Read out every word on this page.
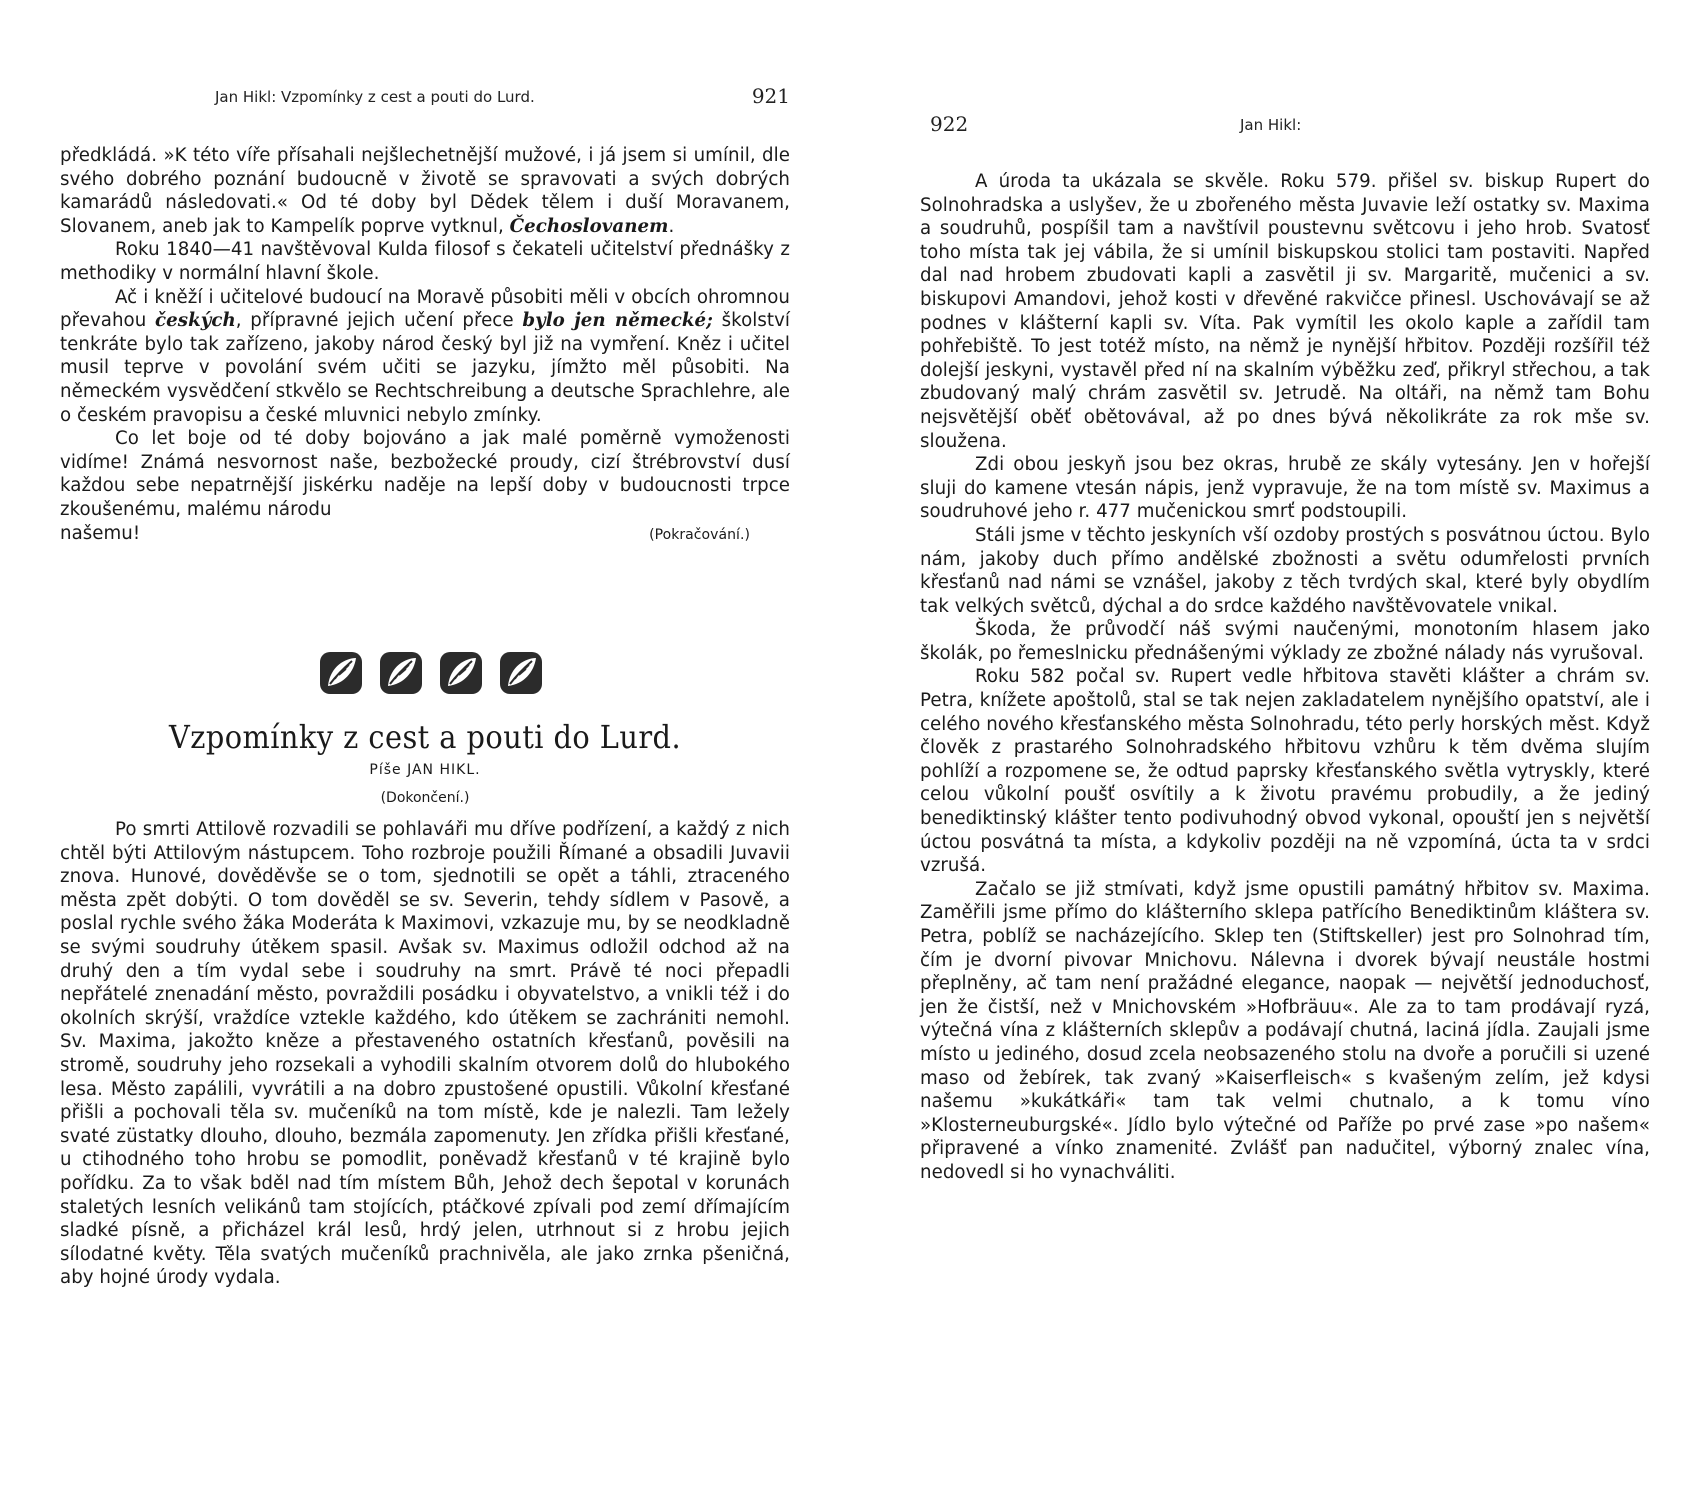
Jan Hikl: Vzpomínky z cest a pouti do Lurd.	921

předkládá. »K této víře přísahali nejšlechetnější mužové, i já jsem si umínil, dle svého dobrého poznání budoucně v životě se spravovati a svých dobrých kamarádů následovati.« Od té doby byl Dědek tělem i duší Moravanem, Slovanem, aneb jak to Kampelík poprve vytknul, Čechoslovanem.

Roku 1840—41 navštěvoval Kulda filosof s čekateli učitelství přednášky z methodiky v normální hlavní škole.

Ač i kněží i učitelové budoucí na Moravě působiti měli v obcích ohromnou převahou českých, přípravné jejich učení přece bylo jen německé; školství tenkráte bylo tak zařízeno, jakoby národ český byl již na vymření. Kněz i učitel musil teprve v povolání svém učiti se jazyku, jímžto měl působiti. Na německém vysvědčení stkvělo se Rechtschreibung a deutsche Sprachlehre, ale o českém pravopisu a české mluvnici nebylo zmínky.

Co let boje od té doby bojováno a jak malé poměrně vymoženosti vidíme! Známá nesvornost naše, bezbožecké proudy, cizí štrébrovství dusí každou sebe nepatrnější jiskérku naděje na lepší doby v budoucnosti trpce zkoušenému, malému národu

našemu!	(Pokračování.)
Vzpomínky z cest a pouti do Lurd.
Píše JAN HIKL.
(Dokončení.)

Po smrti Attilově rozvadili se pohlaváři mu dříve podřízení, a každý z nich chtěl býti Attilovým nástupcem. Toho rozbroje použili Římané a obsadili Juvavii znova. Hunové, dověděvše se o tom, sjednotili se opět a táhli, ztraceného města zpět dobýti. O tom dověděl se sv. Severin, tehdy sídlem v Pasově, a poslal rychle svého žáka Moderáta k Maximovi, vzkazuje mu, by se neodkladně se svými soudruhy útěkem spasil. Avšak sv. Maximus odložil odchod až na druhý den a tím vydal sebe i soudruhy na smrt. Právě té noci přepadli nepřátelé znenadání město, povraždili posádku i obyvatelstvo, a vnikli též i do okolních skrýší, vraždíce vztekle každého, kdo útěkem se zachrániti nemohl. Sv. Maxima, jakožto kněze a přestaveného ostatních křesťanů, pověsili na stromě, soudruhy jeho rozsekali a vyhodili skalním otvorem dolů do hlubokého lesa. Město zapálili, vyvrátili a na dobro zpustošené opustili. Vůkolní křesťané přišli a pochovali těla sv. mučeníků na tom místě, kde je nalezli. Tam ležely svaté züstatky dlouho, dlouho, bezmála zapomenuty. Jen zřídka přišli křesťané, u ctihodného toho hrobu se pomodlit, poněvadž křesťanů v té krajině bylo pořídku. Za to však bděl nad tím místem Bůh, Jehož dech šepotal v korunách staletých lesních velikánů tam stojících, ptáčkové zpívali pod zemí dřímajícím sladké písně, a přicházel král lesů, hrdý jelen, utrhnout si z hrobu jejich sílodatné květy. Těla svatých mučeníků prachnivěla, ale jako zrnka pšeničná, aby hojné úrody vydala.

922	Jan Hikl:

A úroda ta ukázala se skvěle. Roku 579. přišel sv. biskup Rupert do Solnohradska a uslyšev, že u zbořeného města Juvavie leží ostatky sv. Maxima a soudruhů, pospíšil tam a navštívil poustevnu světcovu i jeho hrob. Svatosť toho místa tak jej vábila, že si umínil biskupskou stolici tam postaviti. Napřed dal nad hrobem zbudovati kapli a zasvětil ji sv. Margaritě, mučenici a sv. biskupovi Amandovi, jehož kosti v dřevěné rakvičce přinesl. Uschovávají se až podnes v klášterní kapli sv. Víta. Pak vymítil les okolo kaple a zařídil tam pohřebiště. To jest totéž místo, na němž je nynější hřbitov. Později rozšířil též dolejší jeskyni, vystavěl před ní na skalním výběžku zeď, přikryl střechou, a tak zbudovaný malý chrám zasvětil sv. Jetrudě. Na oltáři, na němž tam Bohu nejsvětější oběť obětovával, až po dnes bývá několikráte za rok mše sv. sloužena.

Zdi obou jeskyň jsou bez okras, hrubě ze skály vytesány. Jen v hořejší sluji do kamene vtesán nápis, jenž vypravuje, že na tom místě sv. Maximus a soudruhové jeho r. 477 mučenickou smrť podstoupili.

Stáli jsme v těchto jeskyních vší ozdoby prostých s posvátnou úctou. Bylo nám, jakoby duch přímo andělské zbožnosti a světu odumřelosti prvních křesťanů nad námi se vznášel, jakoby z těch tvrdých skal, které byly obydlím tak velkých světců, dýchal a do srdce každého navštěvovatele vnikal.

Škoda, že průvodčí náš svými naučenými, monotoním hlasem jako školák, po řemeslnicku přednášenými výklady ze zbožné nálady nás vyrušoval.

Roku 582 počal sv. Rupert vedle hřbitova stavěti klášter a chrám sv. Petra, knížete apoštolů, stal se tak nejen zakladatelem nynějšího opatství, ale i celého nového křesťanského města Solnohradu, této perly horských měst. Když člověk z prastarého Solnohradského hřbitovu vzhůru k těm dvěma slujím pohlíží a rozpomene se, že odtud paprsky křesťanského světla vytryskly, které celou vůkolní poušť osvítily a k životu pravému probudily, a že jediný benediktinský klášter tento podivuhodný obvod vykonal, opouští jen s největší úctou posvátná ta místa, a kdykoliv později na ně vzpomíná, úcta ta v srdci vzrušá.

Začalo se již stmívati, když jsme opustili památný hřbitov sv. Maxima. Zaměřili jsme přímo do klášterního sklepa patřícího Benediktinům kláštera sv. Petra, poblíž se nacházejícího. Sklep ten (Stiftskeller) jest pro Solnohrad tím, čím je dvorní pivovar Mnichovu. Nálevna i dvorek bývají neustále hostmi přeplněny, ač tam není pražádné elegance, naopak — největší jednoduchosť, jen že čistší, než v Mnichovském »Hofbräuu«. Ale za to tam prodávají ryzá, výtečná vína z klášterních sklepův a podávají chutná, laciná jídla. Zaujali jsme místo u jediného, dosud zcela neobsazeného stolu na dvoře a poručili si uzené maso od žebírek, tak zvaný »Kaiserfleisch« s kvašeným zelím, jež kdysi našemu »kukátkáři« tam tak velmi chutnalo, a k tomu víno »Klosterneuburgské«. Jídlo bylo výtečné od Paříže po prvé zase »po našem« připravené a vínko znamenité. Zvlášť pan nadučitel, výborný znalec vína, nedovedl si ho vynachváliti.
